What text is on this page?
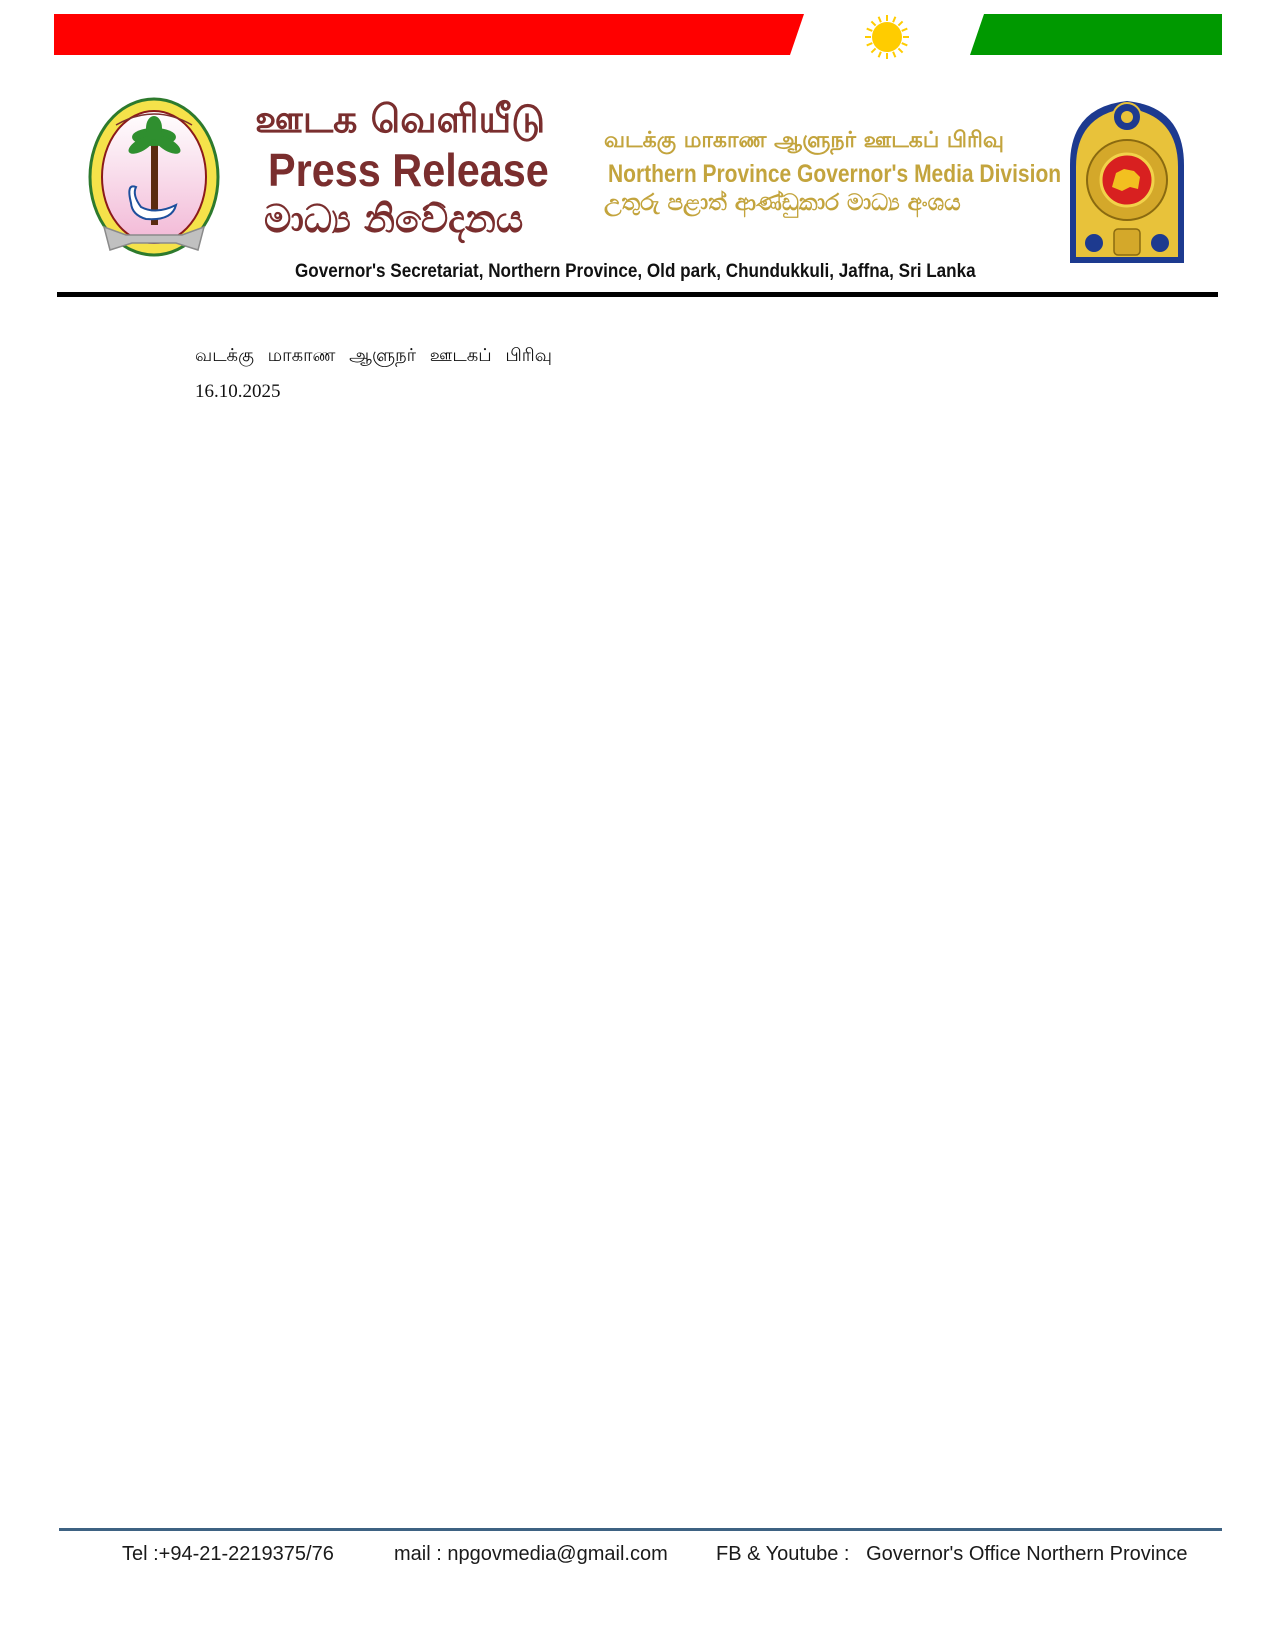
ஊடக வெளியீடு
Press Release
මාධ්‍ය නිවේදනය
வடக்கு மாகாண ஆளுநர் ஊடகப் பிரிவு
Northern Province Governor's Media Division
උතුරු පළාත් ආණ්ඩුකාර මාධ්‍ය අංශය
Governor's Secretariat, Northern Province, Old park, Chundukkuli, Jaffna, Sri Lanka
வடக்கு மாகாண ஆளுநர் ஊடகப் பிரிவு
16.10.2025
Tel :+94-21-2219375/76	mail : npgovmedia@gmail.com FB & Youtube :   Governor's Office Northern Province
